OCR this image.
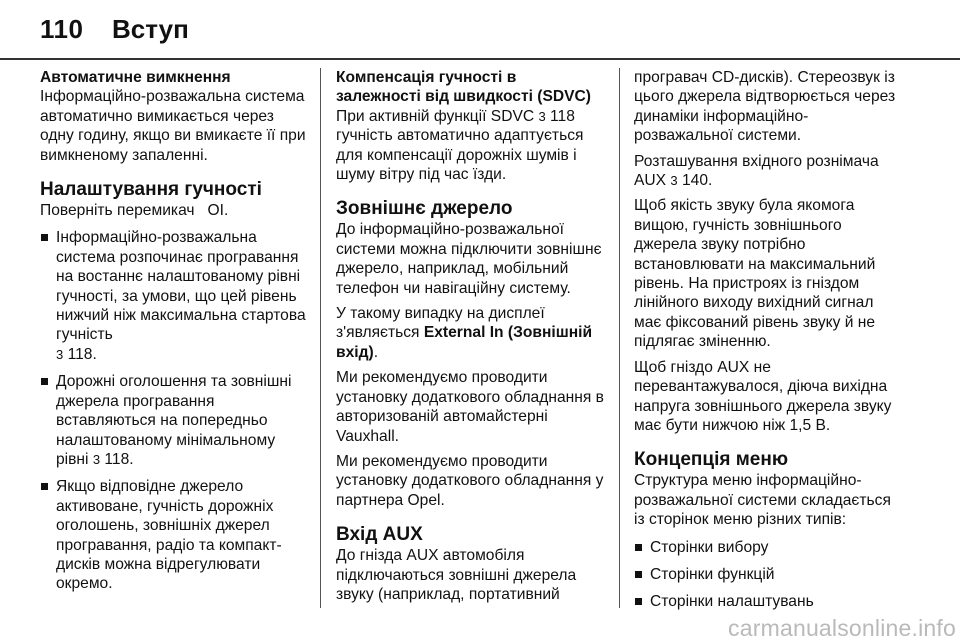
110 Вступ
Автоматичне вимкнення

Інформаційно-розважальна система автоматично вимикається через одну годину, якщо ви вмикаєте її при вимкненому запаленні.

Налаштування гучності

Поверніть перемикач   OI.

Інформаційно-розважальна система розпочинає програвання на востаннє налаштованому рівні гучності, за умови, що цей рівень нижчий ніж максимальна стартова гучність
3 118.
Дорожні оголошення та зовнішні джерела програвання вставляються на попередньо налаштованому мінімальному рівні 3 118.
Якщо відповідне джерело активоване, гучність дорожніх оголошень, зовнішніх джерел програвання, радіо та компакт-дисків можна відрегулювати окремо.
Компенсація гучності в залежності від швидкості (SDVC)

При активній функції SDVC 3 118 гучність автоматично адаптується для компенсації дорожніх шумів і шуму вітру під час їзди.

Зовнішнє джерело

До інформаційно-розважальної системи можна підключити зовнішнє джерело, наприклад, мобільний телефон чи навігаційну систему.

У такому випадку на дисплеї з'являється External In (Зовнішній вхід).

Ми рекомендуємо проводити установку додаткового обладнання в авторизованій автомайстерні Vauxhall.

Ми рекомендуємо проводити установку додаткового обладнання у партнера Opel.

Вхід AUX

До гнізда AUX автомобіля підключаються зовнішні джерела звуку (наприклад, портативний

програвач CD-дисків). Стереозвук із цього джерела відтворюється через динаміки інформаційно-розважальної системи.

Розташування вхідного рознімача AUX 3 140.

Щоб якість звуку була якомога вищою, гучність зовнішнього джерела звуку потрібно встановлювати на максимальний рівень. На пристроях із гніздом лінійного виходу вихідний сигнал має фіксований рівень звуку й не підлягає зміненню.

Щоб гніздо AUX не перевантажувалося, діюча вихідна напруга зовнішнього джерела звуку має бути нижчою ніж 1,5 В.

Концепція меню

Структура меню інформаційно-розважальної системи складається із сторінок меню різних типів:

Сторінки вибору
Сторінки функцій
Сторінки налаштувань
carmanualsonline.info
